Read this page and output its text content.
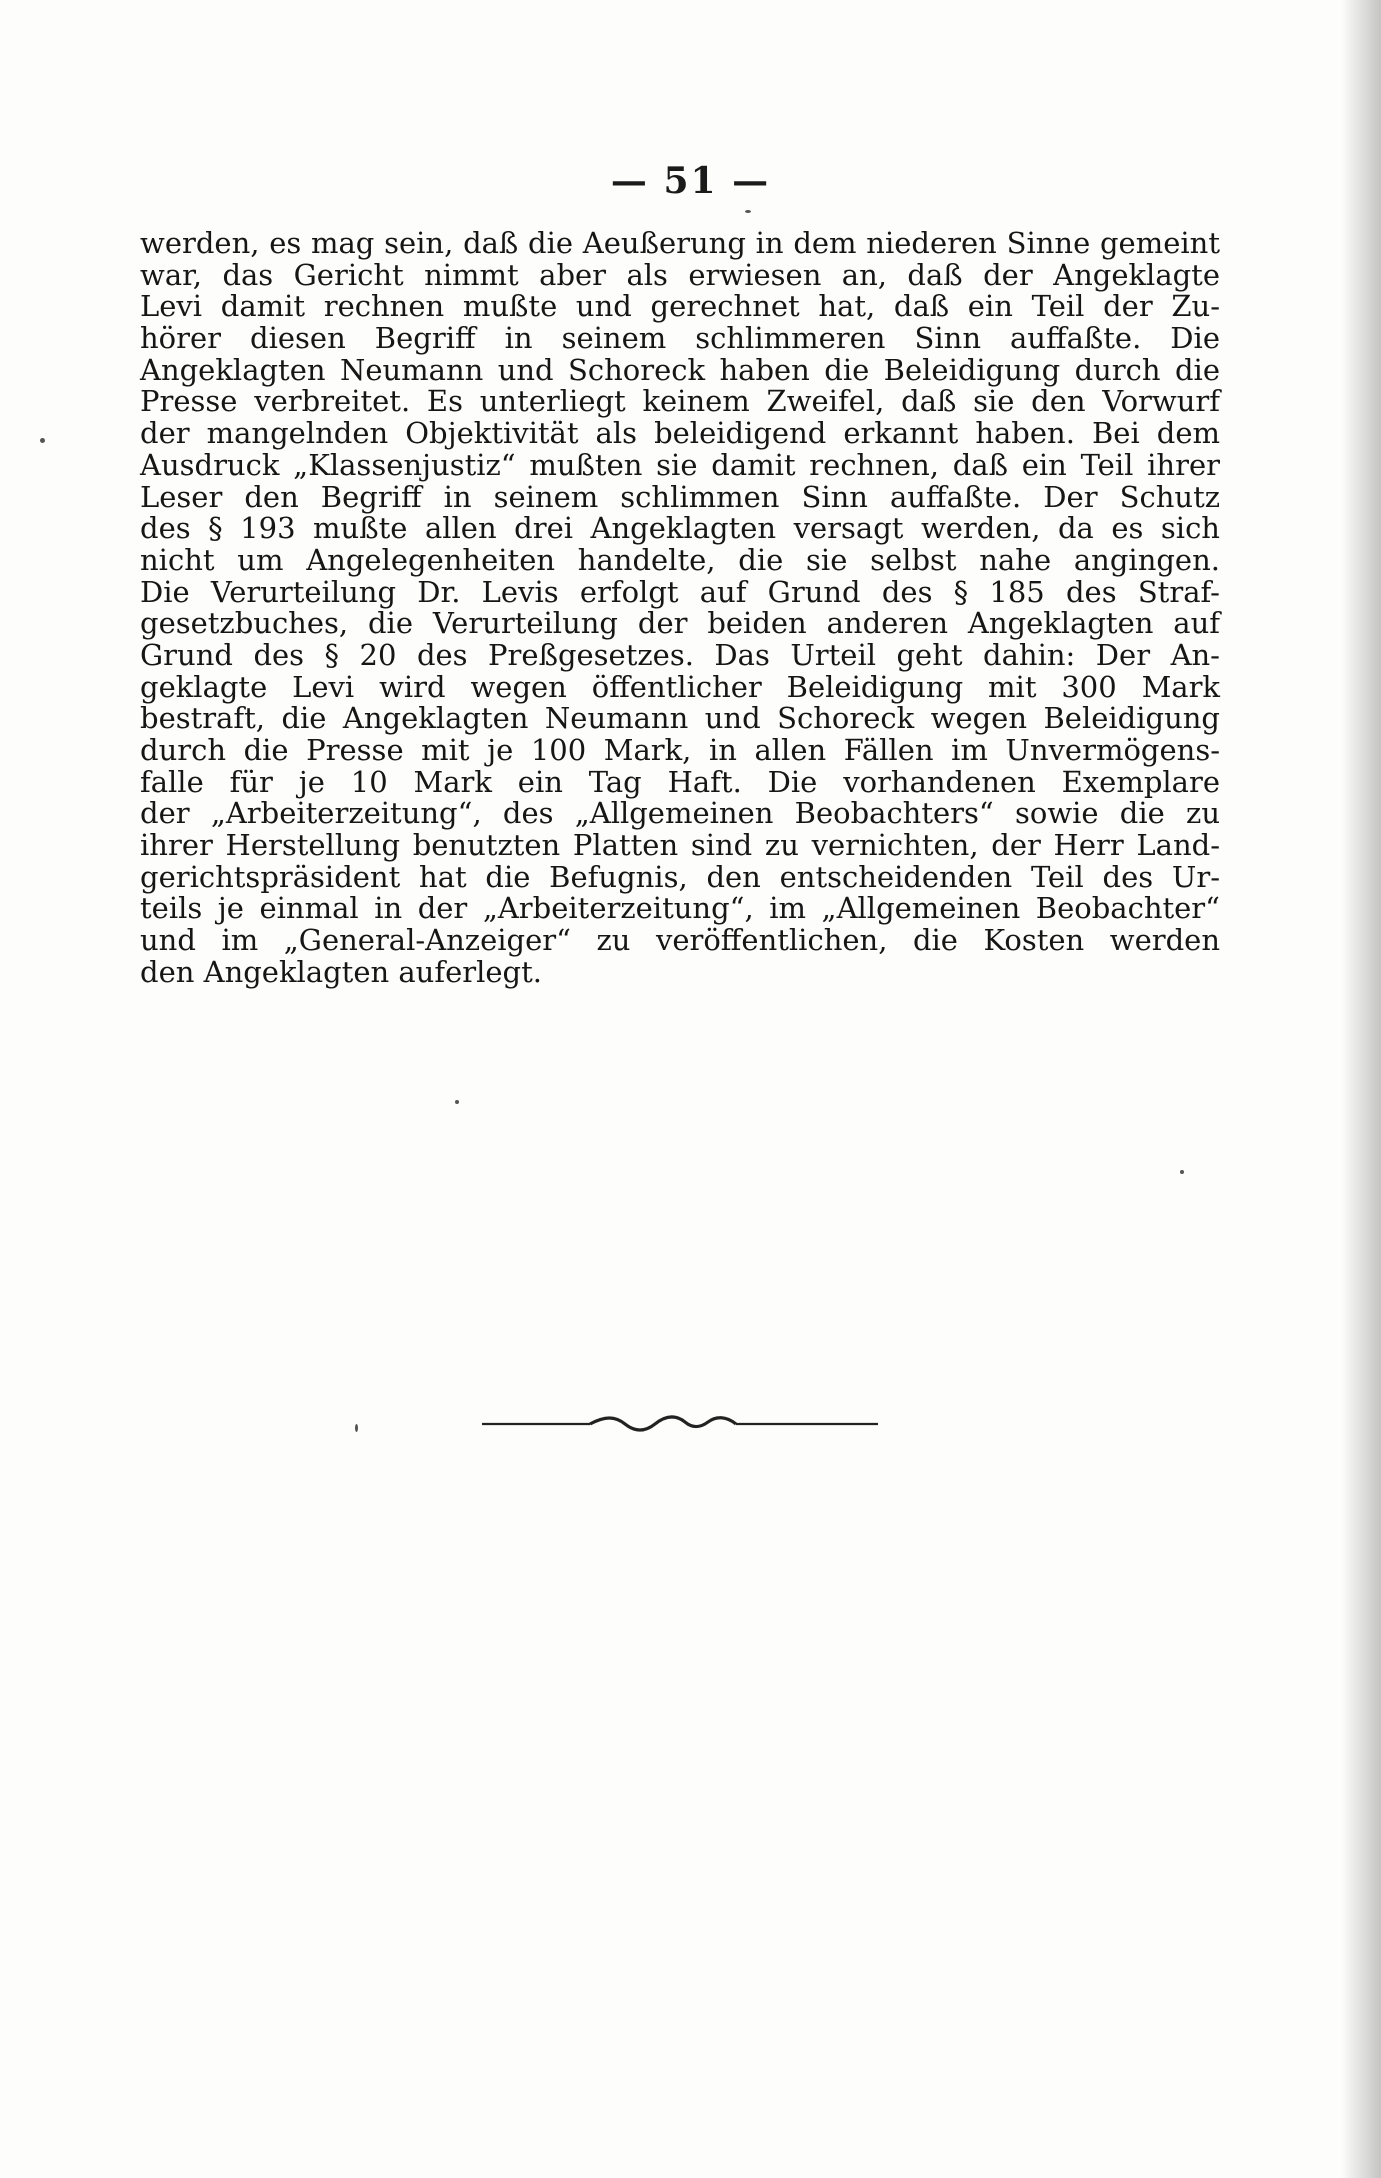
— 51 —
werden, es mag sein, daß die Aeußerung in dem niederen Sinne gemeint
war, das Gericht nimmt aber als erwiesen an, daß der Angeklagte
Levi damit rechnen mußte und gerechnet hat, daß ein Teil der Zu-
hörer diesen Begriff in seinem schlimmeren Sinn auffaßte. Die
Angeklagten Neumann und Schoreck haben die Beleidigung durch die
Presse verbreitet. Es unterliegt keinem Zweifel, daß sie den Vorwurf
der mangelnden Objektivität als beleidigend erkannt haben. Bei dem
Ausdruck „Klassenjustiz“ mußten sie damit rechnen, daß ein Teil ihrer
Leser den Begriff in seinem schlimmen Sinn auffaßte. Der Schutz
des § 193 mußte allen drei Angeklagten versagt werden, da es sich
nicht um Angelegenheiten handelte, die sie selbst nahe angingen.
Die Verurteilung Dr. Levis erfolgt auf Grund des § 185 des Straf-
gesetzbuches, die Verurteilung der beiden anderen Angeklagten auf
Grund des § 20 des Preßgesetzes. Das Urteil geht dahin: Der An-
geklagte Levi wird wegen öffentlicher Beleidigung mit 300 Mark
bestraft, die Angeklagten Neumann und Schoreck wegen Beleidigung
durch die Presse mit je 100 Mark, in allen Fällen im Unvermögens-
falle für je 10 Mark ein Tag Haft. Die vorhandenen Exemplare
der „Arbeiterzeitung“, des „Allgemeinen Beobachters“ sowie die zu
ihrer Herstellung benutzten Platten sind zu vernichten, der Herr Land-
gerichtspräsident hat die Befugnis, den entscheidenden Teil des Ur-
teils je einmal in der „Arbeiterzeitung“, im „Allgemeinen Beobachter“
und im „General-Anzeiger“ zu veröffentlichen, die Kosten werden
den Angeklagten auferlegt.
